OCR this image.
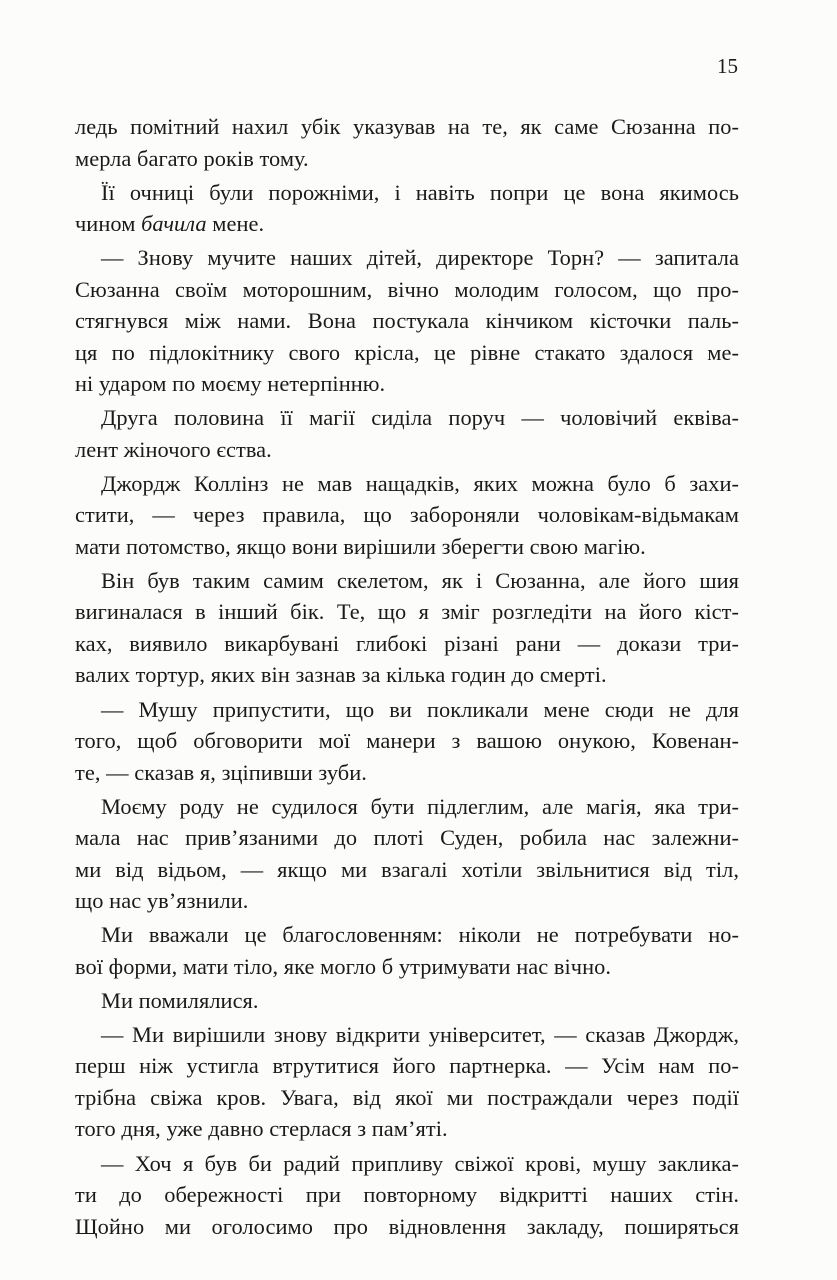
15
ледь помітний нахил убік указував на те, як саме Сюзанна по-
мерла багато років тому.
Її очниці були порожніми, і навіть попри це вона якимось
чином бачила мене.
— Знову мучите наших дітей, директоре Торн? — запитала
Сюзанна своїм моторошним, вічно молодим голосом, що про-
стягнувся між нами. Вона постукала кінчиком кісточки паль-
ця по підлокітнику свого крісла, це рівне стакато здалося ме-
ні ударом по моєму нетерпінню.
Друга половина її магії сиділа поруч — чоловічий еквіва-
лент жіночого єства.
Джордж Коллінз не мав нащадків, яких можна було б захи-
стити, — через правила, що забороняли чоловікам-відьмакам
мати потомство, якщо вони вирішили зберегти свою магію.
Він був таким самим скелетом, як і Сюзанна, але його шия
вигиналася в інший бік. Те, що я зміг розгледіти на його кіст-
ках, виявило викарбувані глибокі різані рани — докази три-
валих тортур, яких він зазнав за кілька годин до смерті.
— Мушу припустити, що ви покликали мене сюди не для
того, щоб обговорити мої манери з вашою онукою, Ковенан-
те, — сказав я, зціпивши зуби.
Моєму роду не судилося бути підлеглим, але магія, яка три-
мала нас прив’язаними до плоті Суден, робила нас залежни-
ми від відьом, — якщо ми взагалі хотіли звільнитися від тіл,
що нас ув’язнили.
Ми вважали це благословенням: ніколи не потребувати но-
вої форми, мати тіло, яке могло б утримувати нас вічно.
Ми помилялися.
— Ми вирішили знову відкрити університет, — сказав Джордж,
перш ніж устигла втрутитися його партнерка. — Усім нам по-
трібна свіжа кров. Увага, від якої ми постраждали через події
того дня, уже давно стерлася з пам’яті.
— Хоч я був би радий припливу свіжої крові, мушу заклика-
ти до обережності при повторному відкритті наших стін.
Щойно ми оголосимо про відновлення закладу, поширяться
